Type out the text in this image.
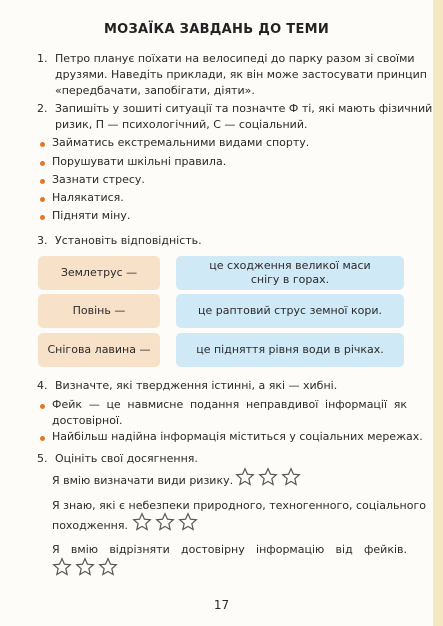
МОЗАЇКА ЗАВДАНЬ ДО ТЕМИ
1. Петро планує поїхати на велосипеді до парку разом зі своїми
друзями. Наведіть приклади, як він може застосувати принцип
«передбачати, запобігати, діяти».
2. Запишіть у зошиті ситуації та позначте Ф ті, які мають фізичний
ризик, П — психологічний, С — соціальний.
Займатись екстремальними видами спорту.
Порушувати шкільні правила.
Зазнати стресу.
Налякатися.
Підняти міну.
3. Установіть відповідність.
Землетрус —
це сходження великої маси
снігу в горах.
Повінь —	це раптовий струс земної кори.
Снігова лавина —	це підняття рівня води в річках.
4. Визначте, які твердження істинні, а які — хибні.
Фейк — це навмисне подання неправдивої інформації як
достовірної.
Найбільш надійна інформація міститься у соціальних мережах.
5. Оцініть свої досягнення.
Я вмію визначати види ризику.
Я знаю, які є небезпеки природного, техногенного, соціального
походження.
Я вмію відрізняти достовірну інформацію від фейків.
17
